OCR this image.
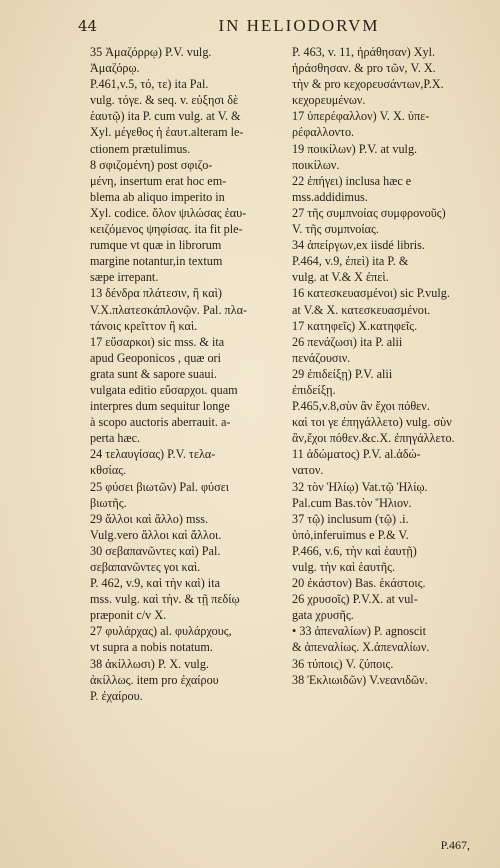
44	IN HELIODORVM
35 Ἀμαζόρρῳ) P.V. vulg.
Ἀμαζόρῳ.
P.461,v.5, τό, τε) ita Pal.
vulg. τόγε. & seq. v. εὐξησι δὲ
ἑαυτῷ) ita P. cum vulg. at V. &
Xyl. μέγεθος ἡ ἑαυτ.alteram le-
ctionem prætulimus.
8 σφιζομένη) post σφιζο-
μένη, insertum erat hoc em-
blema ab aliquo imperito in
Xyl. codice. ὅλον ψιλώσας ἑαυ-
κειζόμενος ψηφίσας. ita fit ple-
rumque vt quæ in librorum
margine notantur,in textum
sæpe irrepant.
13 δένδρα πλάτεσιν, ἢ καὶ)
V.X.πλατεσκάπλονῷν. Pal. πλα-
τάνοις κρεῖττον ἢ καὶ.
17 εὔσαρκοι) sic mss. & ita
apud Geoponicos , quæ ori
grata sunt & sapore suaui.
vulgata editio εὔσαρχοι. quam
interpres dum sequitur longe
à scopo auctoris aberrauit. a-
perta hæc.
24 τελαυγίσας) P.V. τελα-
κθσίας.
25 φύσει βιωτῶν) Pal. φύσει
βιωτῆς.
29 ἄλλοι καὶ ἄλλο) mss.
Vulg.vero ἄλλοι καὶ ἄλλοι.
30 σεβαπανῶντες καὶ) Pal.
σεβαπανῶντες γοι καὶ.
P. 462, v.9, καὶ τὴν καὶ) ita
mss. vulg. καὶ τὴν. & τῇ πεδίῳ
præponit c/v X.
27 φυλάρχας) al. φυλάρχους,
vt supra a nobis notatum.
38 ἀκίλλωσι) P. X. vulg.
ἀκίλλως. item pro ἐχαίρου
P. ἐχαίρου.
P. 463, v. 11, ἡράθησαν) Xyl.
ἠράσθησαν. & pro τῶν, V. X.
τὴν & pro κεχορευσάντων,P.X.
κεχορευμένων.
17 ὑπερέφαλλον) V. X. ὑπε-
ρέφαλλοντο.
19 ποικίλων) P.V. at vulg.
ποικίλων.
22 ἐπήγει) inclusa hæc e
mss.addidimus.
27 τῆς συμπνοίας συμφρονοῦς)
V. τῆς συμπνοίας.
34 ἀπείργων,ex iisdé libris.
P.464, v.9, ἐπεὶ) ita P. &
vulg. at V.& X ἐπεὶ.
16 κατεσκευασμένοι) sic P.vulg.
at V.& X. κατεσκευασμένοι.
17 κατηφεῖς) X.κατηφεῖς.
26 πενάζωσι) ita P. alii
πενάζουσιν.
29 ἐπιδείξῃ) P.V. alii
ἐπιδείξῃ.
P.465,v.8,σὺν ἂν ἔχοι πόθεν.
καὶ τοι γε ἐπηγάλλετο) vulg. σὺν
ἂν,ἔχοι πόθεν.&c.X. ἐπηγάλλετο.
11 ἀδώματος) P.V. al.ἀδώ-
νατον.
32 τὸν Ἡλίῳ) Vat.τῷ Ἡλίῳ.
Pal.cum Bas.τὸν Ἥλιον.
37 τῷ) inclusum (τῷ) .i.
ὑπό,inferuimus e P.& V.
P.466, v.6, τὴν καὶ ἑαυτῇ)
vulg. τὴν καὶ ἑαυτῆς.
20 ἐκάστον) Bas. ἑκάστοις.
26 χρυσοῖς) P.V.X. at vul-
gata χρυσῆς.
• 33 ἀπεναλίων) P. agnoscit
& ἀπεναλίως. X.ἀπεναλίων.
36 τύποις) V. ζύποις.
38 Ἐκλιωιδῶν) V.νεανιδῶν.
P.467,
